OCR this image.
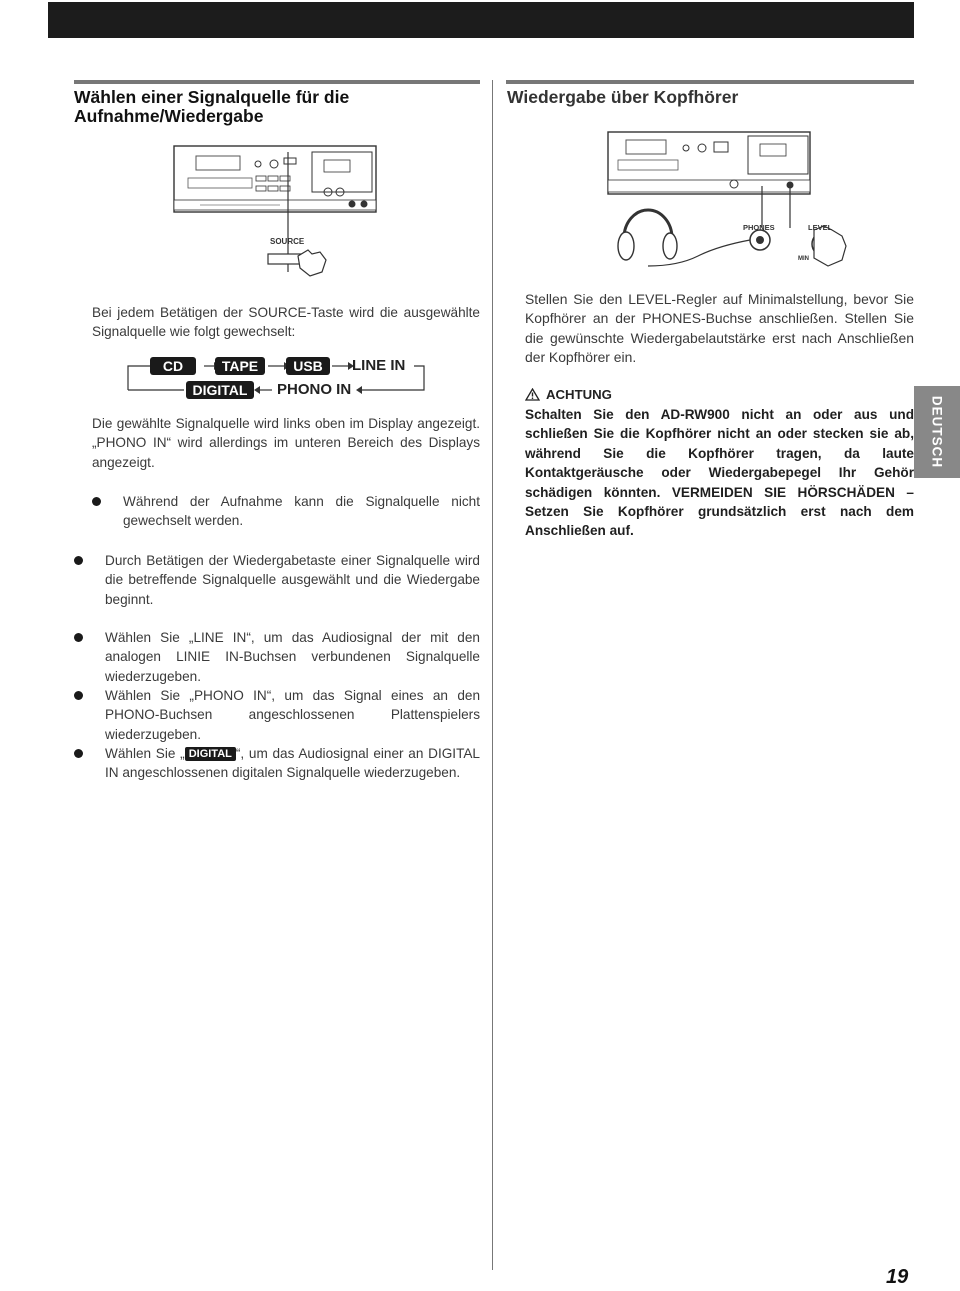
Wählen einer Signalquelle für die Aufnahme/Wiedergabe
Wiedergabe über Kopfhörer
SOURCE
PHONES	LEVEL
MIN

Bei jedem Betätigen der SOURCE-Taste wird die ausgewählte Signalquelle wie folgt gewechselt:

CD	TAPE	USB	LINE IN
DIGITAL	PHONO IN

Die gewählte Signalquelle wird links oben im Display angezeigt. „PHONO IN“ wird allerdings im unteren Bereich des Displays angezeigt.

Während der Aufnahme kann die Signalquelle nicht gewechselt werden.
Durch Betätigen der Wiedergabetaste einer Signalquelle wird die betreffende Signalquelle ausgewählt und die Wiedergabe beginnt.
Wählen Sie „LINE IN“, um das Audiosignal der mit den analogen LINIE IN-Buchsen verbundenen Signalquelle wiederzugeben.
Wählen Sie „PHONO IN“, um das Signal eines an den PHONO-Buchsen angeschlossenen Plattenspielers wiederzugeben.
Wählen Sie „ DIGITAL “, um das Audiosignal einer an DIGITAL IN angeschlossenen digitalen Signalquelle wiederzugeben.

Stellen Sie den LEVEL-Regler auf Minimalstellung, bevor Sie Kopfhörer an der PHONES-Buchse anschließen. Stellen Sie die gewünschte Wiedergabelautstärke erst nach Anschließen der Kopfhörer ein.

ACHTUNG

Schalten Sie den AD-RW900 nicht an oder aus und schließen Sie die Kopfhörer nicht an oder stecken sie ab, während Sie die Kopfhörer tragen, da laute Kontaktgeräusche oder Wiedergabepegel Ihr Gehör schädigen könnten. VERMEIDEN SIE HÖRSCHÄDEN – Setzen Sie Kopfhörer grundsätzlich erst nach dem Anschließen auf.

DEUTSCH
19
